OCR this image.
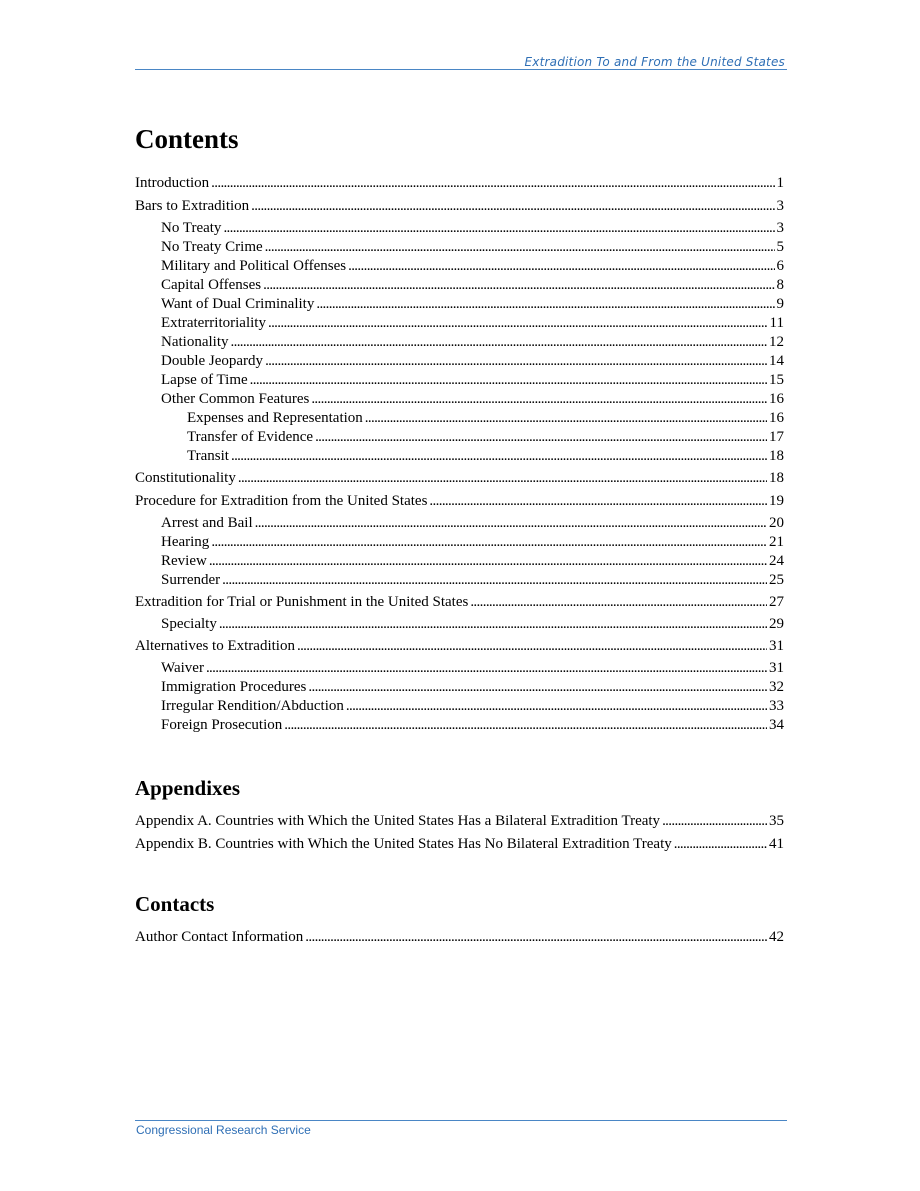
Extradition To and From the United States
Contents
Introduction . . .	1
Bars to Extradition . . .	3
No Treaty . . .	3
No Treaty Crime . . .	5
Military and Political Offenses . . .	6
Capital Offenses . . .	8
Want of Dual Criminality . . .	9
Extraterritoriality . . .	11
Nationality . . .	12
Double Jeopardy . . .	14
Lapse of Time . . .	15
Other Common Features . . .	16
Expenses and Representation . . .	16
Transfer of Evidence . . .	17
Transit . . .	18
Constitutionality . . .	18
Procedure for Extradition from the United States . . .	19
Arrest and Bail . . .	20
Hearing . . .	21
Review . . .	24
Surrender . . .	25
Extradition for Trial or Punishment in the United States . . .	27
Specialty . . .	29
Alternatives to Extradition . . .	31
Waiver . . .	31
Immigration Procedures . . .	32
Irregular Rendition/Abduction . . .	33
Foreign Prosecution . . .	34
Appendixes
Appendix A. Countries with Which the United States Has a Bilateral Extradition Treaty . . .	35
Appendix B. Countries with Which the United States Has No Bilateral Extradition Treaty . . .	41
Contacts
Author Contact Information . . .	42
Congressional Research Service
